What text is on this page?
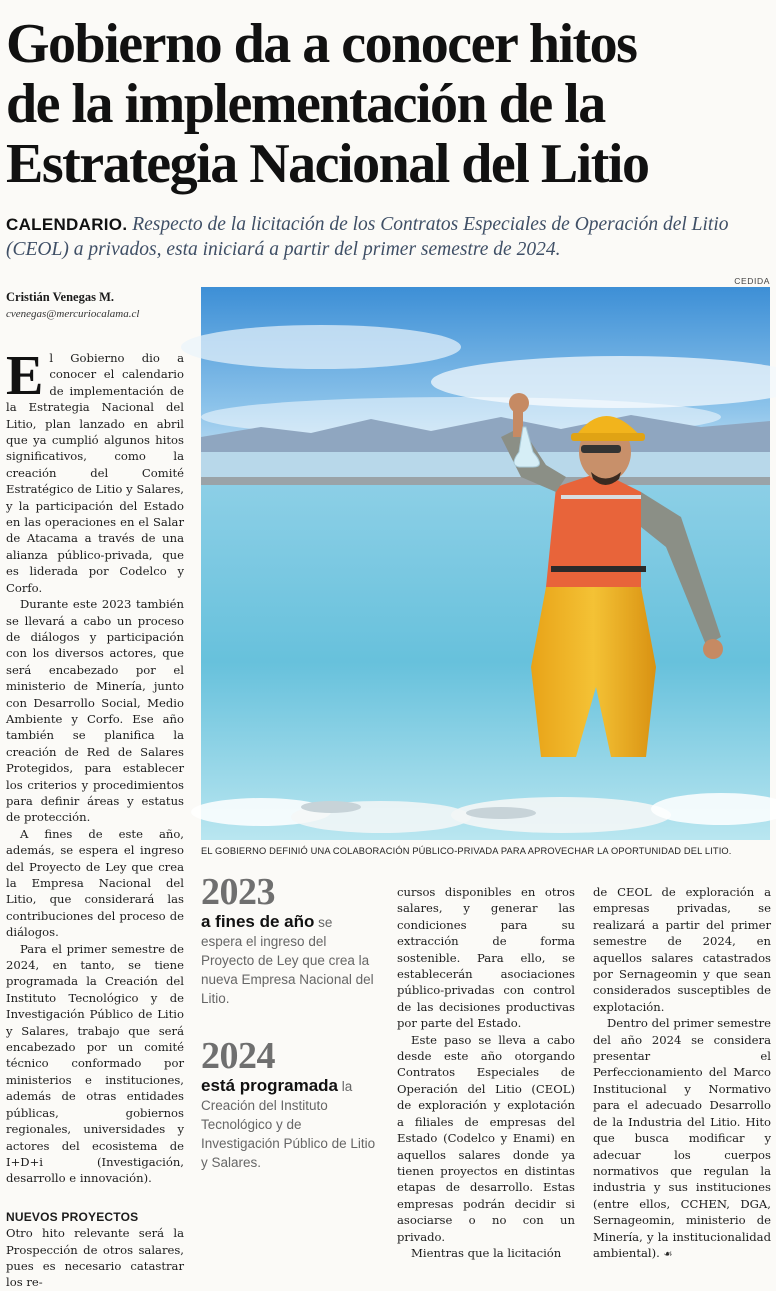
Gobierno da a conocer hitos
de la implementación de la
Estrategia Nacional del Litio
CALENDARIO. Respecto de la licitación de los Contratos Especiales de Operación del Litio (CEOL) a privados, esta iniciará a partir del primer semestre de 2024.
CEDIDA
Cristián Venegas M.
cvenegas@mercuriocalama.cl
EL GOBIERNO DEFINIÓ UNA COLABORACIÓN PÚBLICO-PRIVADA PARA APROVECHAR LA OPORTUNIDAD DEL LITIO.

El Gobierno dio a conocer el calendario de implementación de la Estrategia Nacional del Litio, plan lanzado en abril que ya cumplió algunos hitos significativos, como la creación del Comité Estratégico de Litio y Salares, y la participación del Estado en las operaciones en el Salar de Atacama a través de una alianza público-privada, que es liderada por Codelco y Corfo.

Durante este 2023 también se llevará a cabo un proceso de diálogos y participación con los diversos actores, que será encabezado por el ministerio de Minería, junto con Desarrollo Social, Medio Ambiente y Corfo. Ese año también se planifica la creación de Red de Salares Protegidos, para establecer los criterios y procedimientos para definir áreas y estatus de protección.

A fines de este año, además, se espera el ingreso del Proyecto de Ley que crea la Empresa Nacional del Litio, que considerará las contribuciones del proceso de diálogos.

Para el primer semestre de 2024, en tanto, se tiene programada la Creación del Instituto Tecnológico y de Investigación Público de Litio y Salares, trabajo que será encabezado por un comité técnico conformado por ministerios e instituciones, además de otras entidades públicas, gobiernos regionales, universidades y actores del ecosistema de I+D+i (Investigación, desarrollo e innovación).

NUEVOS PROYECTOS

Otro hito relevante será la Prospección de otros salares, pues es necesario catastrar los re-

2023
a fines de año se espera el ingreso del Proyecto de Ley que crea la nueva Empresa Nacional del Litio.
2024
está programada la Creación del Instituto Tecnológico y de Investigación Público de Litio y Salares.

cursos disponibles en otros salares, y generar las condiciones para su extracción de forma sostenible. Para ello, se establecerán asociaciones público-privadas con control de las decisiones productivas por parte del Estado.

Este paso se lleva a cabo desde este año otorgando Contratos Especiales de Operación del Litio (CEOL) de exploración y explotación a filiales de empresas del Estado (Codelco y Enami) en aquellos salares donde ya tienen proyectos en distintas etapas de desarrollo. Estas empresas podrán decidir si asociarse o no con un privado.

Mientras que la licitación

de CEOL de exploración a empresas privadas, se realizará a partir del primer semestre de 2024, en aquellos salares catastrados por Sernageomin y que sean considerados susceptibles de explotación.

Dentro del primer semestre del año 2024 se considera presentar el Perfeccionamiento del Marco Institucional y Normativo para el adecuado Desarrollo de la Industria del Litio. Hito que busca modificar y adecuar los cuerpos normativos que regulan la industria y sus instituciones (entre ellos, CCHEN, DGA, Sernageomin, ministerio de Minería, y la institucionalidad ambiental). ☙
